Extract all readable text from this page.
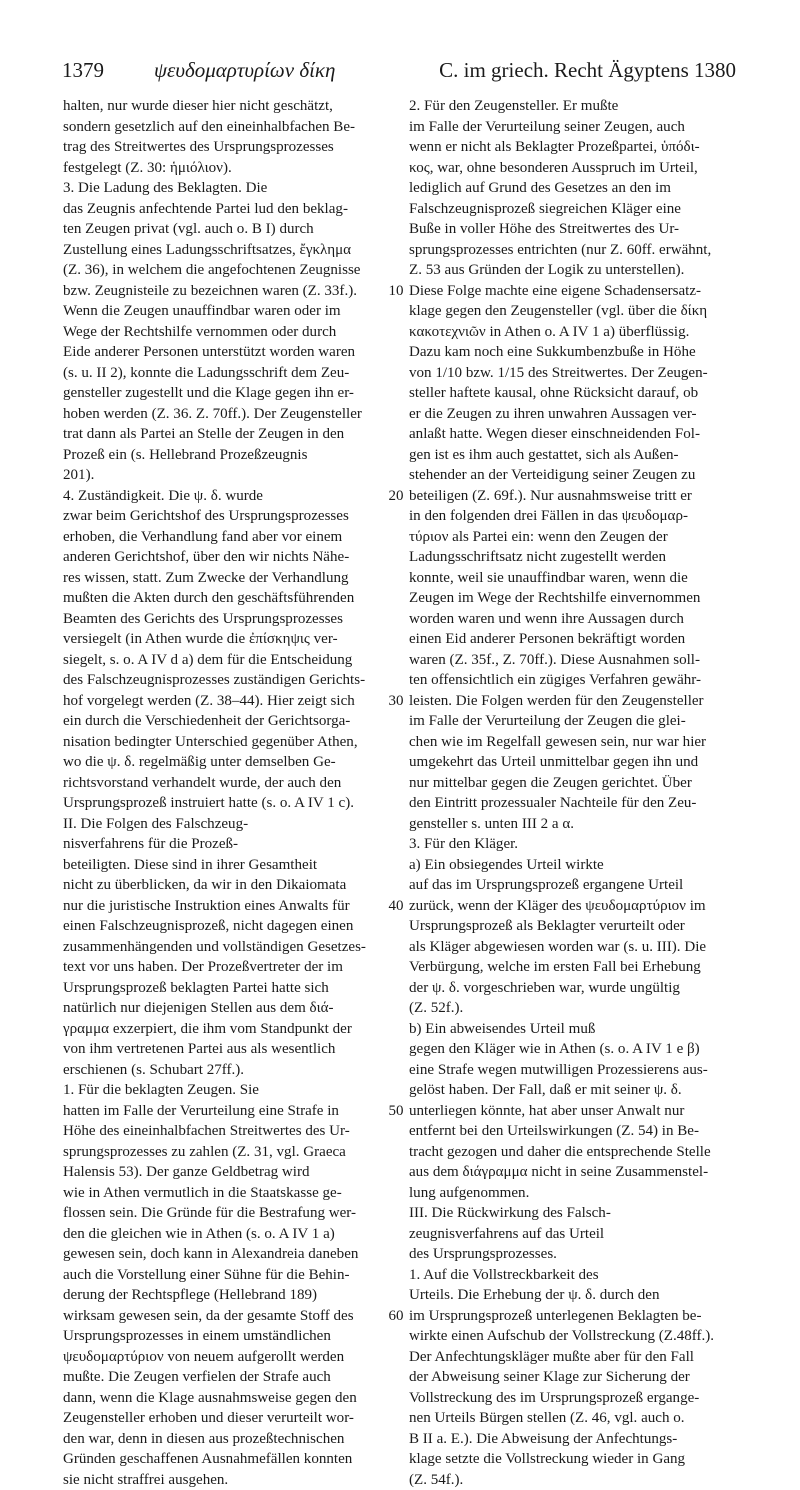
1379 ψευδομαρτυρίων δίκη	C. im griech. Recht Ägyptens 1380
halten, nur wurde dieser hier nicht geschätzt,
sondern gesetzlich auf den eineinhalbfachen Be-
trag des Streitwertes des Ursprungsprozesses
festgelegt (Z. 30: ἡμιόλιον).
3. Die Ladung des Beklagten. Die
das Zeugnis anfechtende Partei lud den beklag-
ten Zeugen privat (vgl. auch o. B I) durch
Zustellung eines Ladungsschriftsatzes, ἔγκλημα
(Z. 36), in welchem die angefochtenen Zeugnisse
bzw. Zeugnisteile zu bezeichnen waren (Z. 33f.).
Wenn die Zeugen unauffindbar waren oder im
Wege der Rechtshilfe vernommen oder durch
Eide anderer Personen unterstützt worden waren
(s. u. II 2), konnte die Ladungsschrift dem Zeu-
gensteller zugestellt und die Klage gegen ihn er-
hoben werden (Z. 36. Z. 70ff.). Der Zeugensteller
trat dann als Partei an Stelle der Zeugen in den
Prozeß ein (s. Hellebrand Prozeßzeugnis
201).
4. Zuständigkeit. Die ψ. δ. wurde
zwar beim Gerichtshof des Ursprungsprozesses
erhoben, die Verhandlung fand aber vor einem
anderen Gerichtshof, über den wir nichts Nähe-
res wissen, statt. Zum Zwecke der Verhandlung
mußten die Akten durch den geschäftsführenden
Beamten des Gerichts des Ursprungsprozesses
versiegelt (in Athen wurde die ἐπίσκηψις ver-
siegelt, s. o. A IV d a) dem für die Entscheidung
des Falschzeugnisprozesses zuständigen Gerichts-
hof vorgelegt werden (Z. 38–44). Hier zeigt sich
ein durch die Verschiedenheit der Gerichtsorga-
nisation bedingter Unterschied gegenüber Athen,
wo die ψ. δ. regelmäßig unter demselben Ge-
richtsvorstand verhandelt wurde, der auch den
Ursprungsprozeß instruiert hatte (s. o. A IV 1 c).
II. Die Folgen des Falschzeug-
nisverfahrens für die Prozeß-
beteiligten. Diese sind in ihrer Gesamtheit
nicht zu überblicken, da wir in den Dikaiomata
nur die juristische Instruktion eines Anwalts für
einen Falschzeugnisprozeß, nicht dagegen einen
zusammenhängenden und vollständigen Gesetzes-
text vor uns haben. Der Prozeßvertreter der im
Ursprungsprozeß beklagten Partei hatte sich
natürlich nur diejenigen Stellen aus dem διά-
γραμμα exzerpiert, die ihm vom Standpunkt der
von ihm vertretenen Partei aus als wesentlich
erschienen (s. Schubart 27ff.).
1. Für die beklagten Zeugen. Sie
hatten im Falle der Verurteilung eine Strafe in
Höhe des eineinhalbfachen Streitwertes des Ur-
sprungsprozesses zu zahlen (Z. 31, vgl. Graeca
Halensis 53). Der ganze Geldbetrag wird
wie in Athen vermutlich in die Staatskasse ge-
flossen sein. Die Gründe für die Bestrafung wer-
den die gleichen wie in Athen (s. o. A IV 1 a)
gewesen sein, doch kann in Alexandreia daneben
auch die Vorstellung einer Sühne für die Behin-
derung der Rechtspflege (Hellebrand 189)
wirksam gewesen sein, da der gesamte Stoff des
Ursprungsprozesses in einem umständlichen
ψευδομαρτύριον von neuem aufgerollt werden
mußte. Die Zeugen verfielen der Strafe auch
dann, wenn die Klage ausnahmsweise gegen den
Zeugensteller erhoben und dieser verurteilt wor-
den war, denn in diesen aus prozeßtechnischen
Gründen geschaffenen Ausnahmefällen konnten
sie nicht straffrei ausgehen.
2. Für den Zeugensteller. Er mußte
im Falle der Verurteilung seiner Zeugen, auch
wenn er nicht als Beklagter Prozeßpartei, ὑπόδι-
κος, war, ohne besonderen Ausspruch im Urteil,
lediglich auf Grund des Gesetzes an den im
Falschzeugnisprozeß siegreichen Kläger eine
Buße in voller Höhe des Streitwertes des Ur-
sprungsprozesses entrichten (nur Z. 60ff. erwähnt,
Z. 53 aus Gründen der Logik zu unterstellen).
Diese Folge machte eine eigene Schadensersatz-
klage gegen den Zeugensteller (vgl. über die δίκη
κακοτεχνιῶν in Athen o. A IV 1 a) überflüssig.
Dazu kam noch eine Sukkumbenzbuße in Höhe
von 1/10 bzw. 1/15 des Streitwertes. Der Zeugen-
steller haftete kausal, ohne Rücksicht darauf, ob
er die Zeugen zu ihren unwahren Aussagen ver-
anlaßt hatte. Wegen dieser einschneidenden Fol-
gen ist es ihm auch gestattet, sich als Außen-
stehender an der Verteidigung seiner Zeugen zu
beteiligen (Z. 69f.). Nur ausnahmsweise tritt er
in den folgenden drei Fällen in das ψευδομαρ-
τύριον als Partei ein: wenn den Zeugen der
Ladungsschriftsatz nicht zugestellt werden
konnte, weil sie unauffindbar waren, wenn die
Zeugen im Wege der Rechtshilfe einvernommen
worden waren und wenn ihre Aussagen durch
einen Eid anderer Personen bekräftigt worden
waren (Z. 35f., Z. 70ff.). Diese Ausnahmen soll-
ten offensichtlich ein zügiges Verfahren gewähr-
leisten. Die Folgen werden für den Zeugensteller
im Falle der Verurteilung der Zeugen die glei-
chen wie im Regelfall gewesen sein, nur war hier
umgekehrt das Urteil unmittelbar gegen ihn und
nur mittelbar gegen die Zeugen gerichtet. Über
den Eintritt prozessualer Nachteile für den Zeu-
gensteller s. unten III 2 a α.
3. Für den Kläger.
a) Ein obsiegendes Urteil wirkte
auf das im Ursprungsprozeß ergangene Urteil
zurück, wenn der Kläger des ψευδομαρτύριον im
Ursprungsprozeß als Beklagter verurteilt oder
als Kläger abgewiesen worden war (s. u. III). Die
Verbürgung, welche im ersten Fall bei Erhebung
der ψ. δ. vorgeschrieben war, wurde ungültig
(Z. 52f.).
b) Ein abweisendes Urteil muß
gegen den Kläger wie in Athen (s. o. A IV 1 e β)
eine Strafe wegen mutwilligen Prozessierens aus-
gelöst haben. Der Fall, daß er mit seiner ψ. δ.
unterliegen könnte, hat aber unser Anwalt nur
entfernt bei den Urteilswirkungen (Z. 54) in Be-
tracht gezogen und daher die entsprechende Stelle
aus dem διάγραμμα nicht in seine Zusammenstel-
lung aufgenommen.
III. Die Rückwirkung des Falsch-
zeugnisverfahrens auf das Urteil
des Ursprungsprozesses.
1. Auf die Vollstreckbarkeit des
Urteils. Die Erhebung der ψ. δ. durch den
im Ursprungsprozeß unterlegenen Beklagten be-
wirkte einen Aufschub der Vollstreckung (Z.48ff.).
Der Anfechtungskläger mußte aber für den Fall
der Abweisung seiner Klage zur Sicherung der
Vollstreckung des im Ursprungsprozeß ergange-
nen Urteils Bürgen stellen (Z. 46, vgl. auch o.
B II a. E.). Die Abweisung der Anfechtungs-
klage setzte die Vollstreckung wieder in Gang
(Z. 54f.).
10
20
30
40
50
60
